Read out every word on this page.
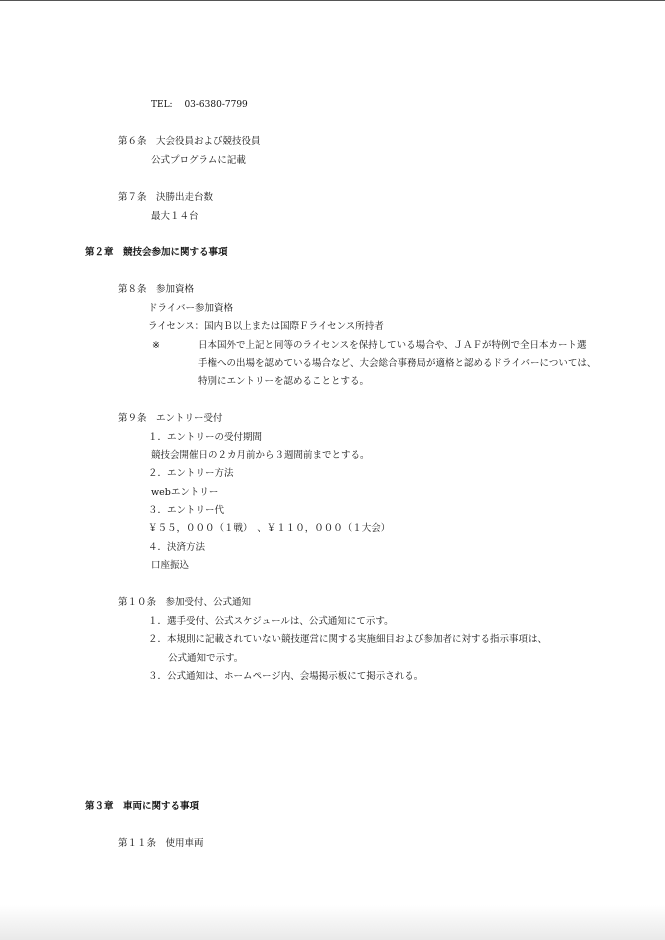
TEL:　 03-6380-7799
第６条　大会役員および競技役員
公式プログラムに記載
第７条　決勝出走台数
最大１４台
第２章　競技会参加に関する事項
第８条　参加資格
ドライバー参加資格
ライセンス：国内Ｂ以上または国際Ｆライセンス所持者
※	日本国外で上記と同等のライセンスを保持している場合や、ＪＡＦが特例で全日本カート選
手権への出場を認めている場合など、大会総合事務局が適格と認めるドライバーについては、
特別にエントリーを認めることとする。
第９条　エントリー受付
１．エントリーの受付期間
競技会開催日の２カ月前から３週間前までとする。
２．エントリー方法
webエントリー
３．エントリー代
￥５５，０００（１戦）　、￥１１０，０００（１大会）
４．決済方法
口座振込
第１０条　参加受付、公式通知
１．選手受付、公式スケジュールは、公式通知にて示す。
２．本規則に記載されていない競技運営に関する実施細目および参加者に対する指示事項は、
公式通知で示す。
３．公式通知は、ホームページ内、会場掲示板にて掲示される。
第３章　車両に関する事項
第１１条　使用車両
